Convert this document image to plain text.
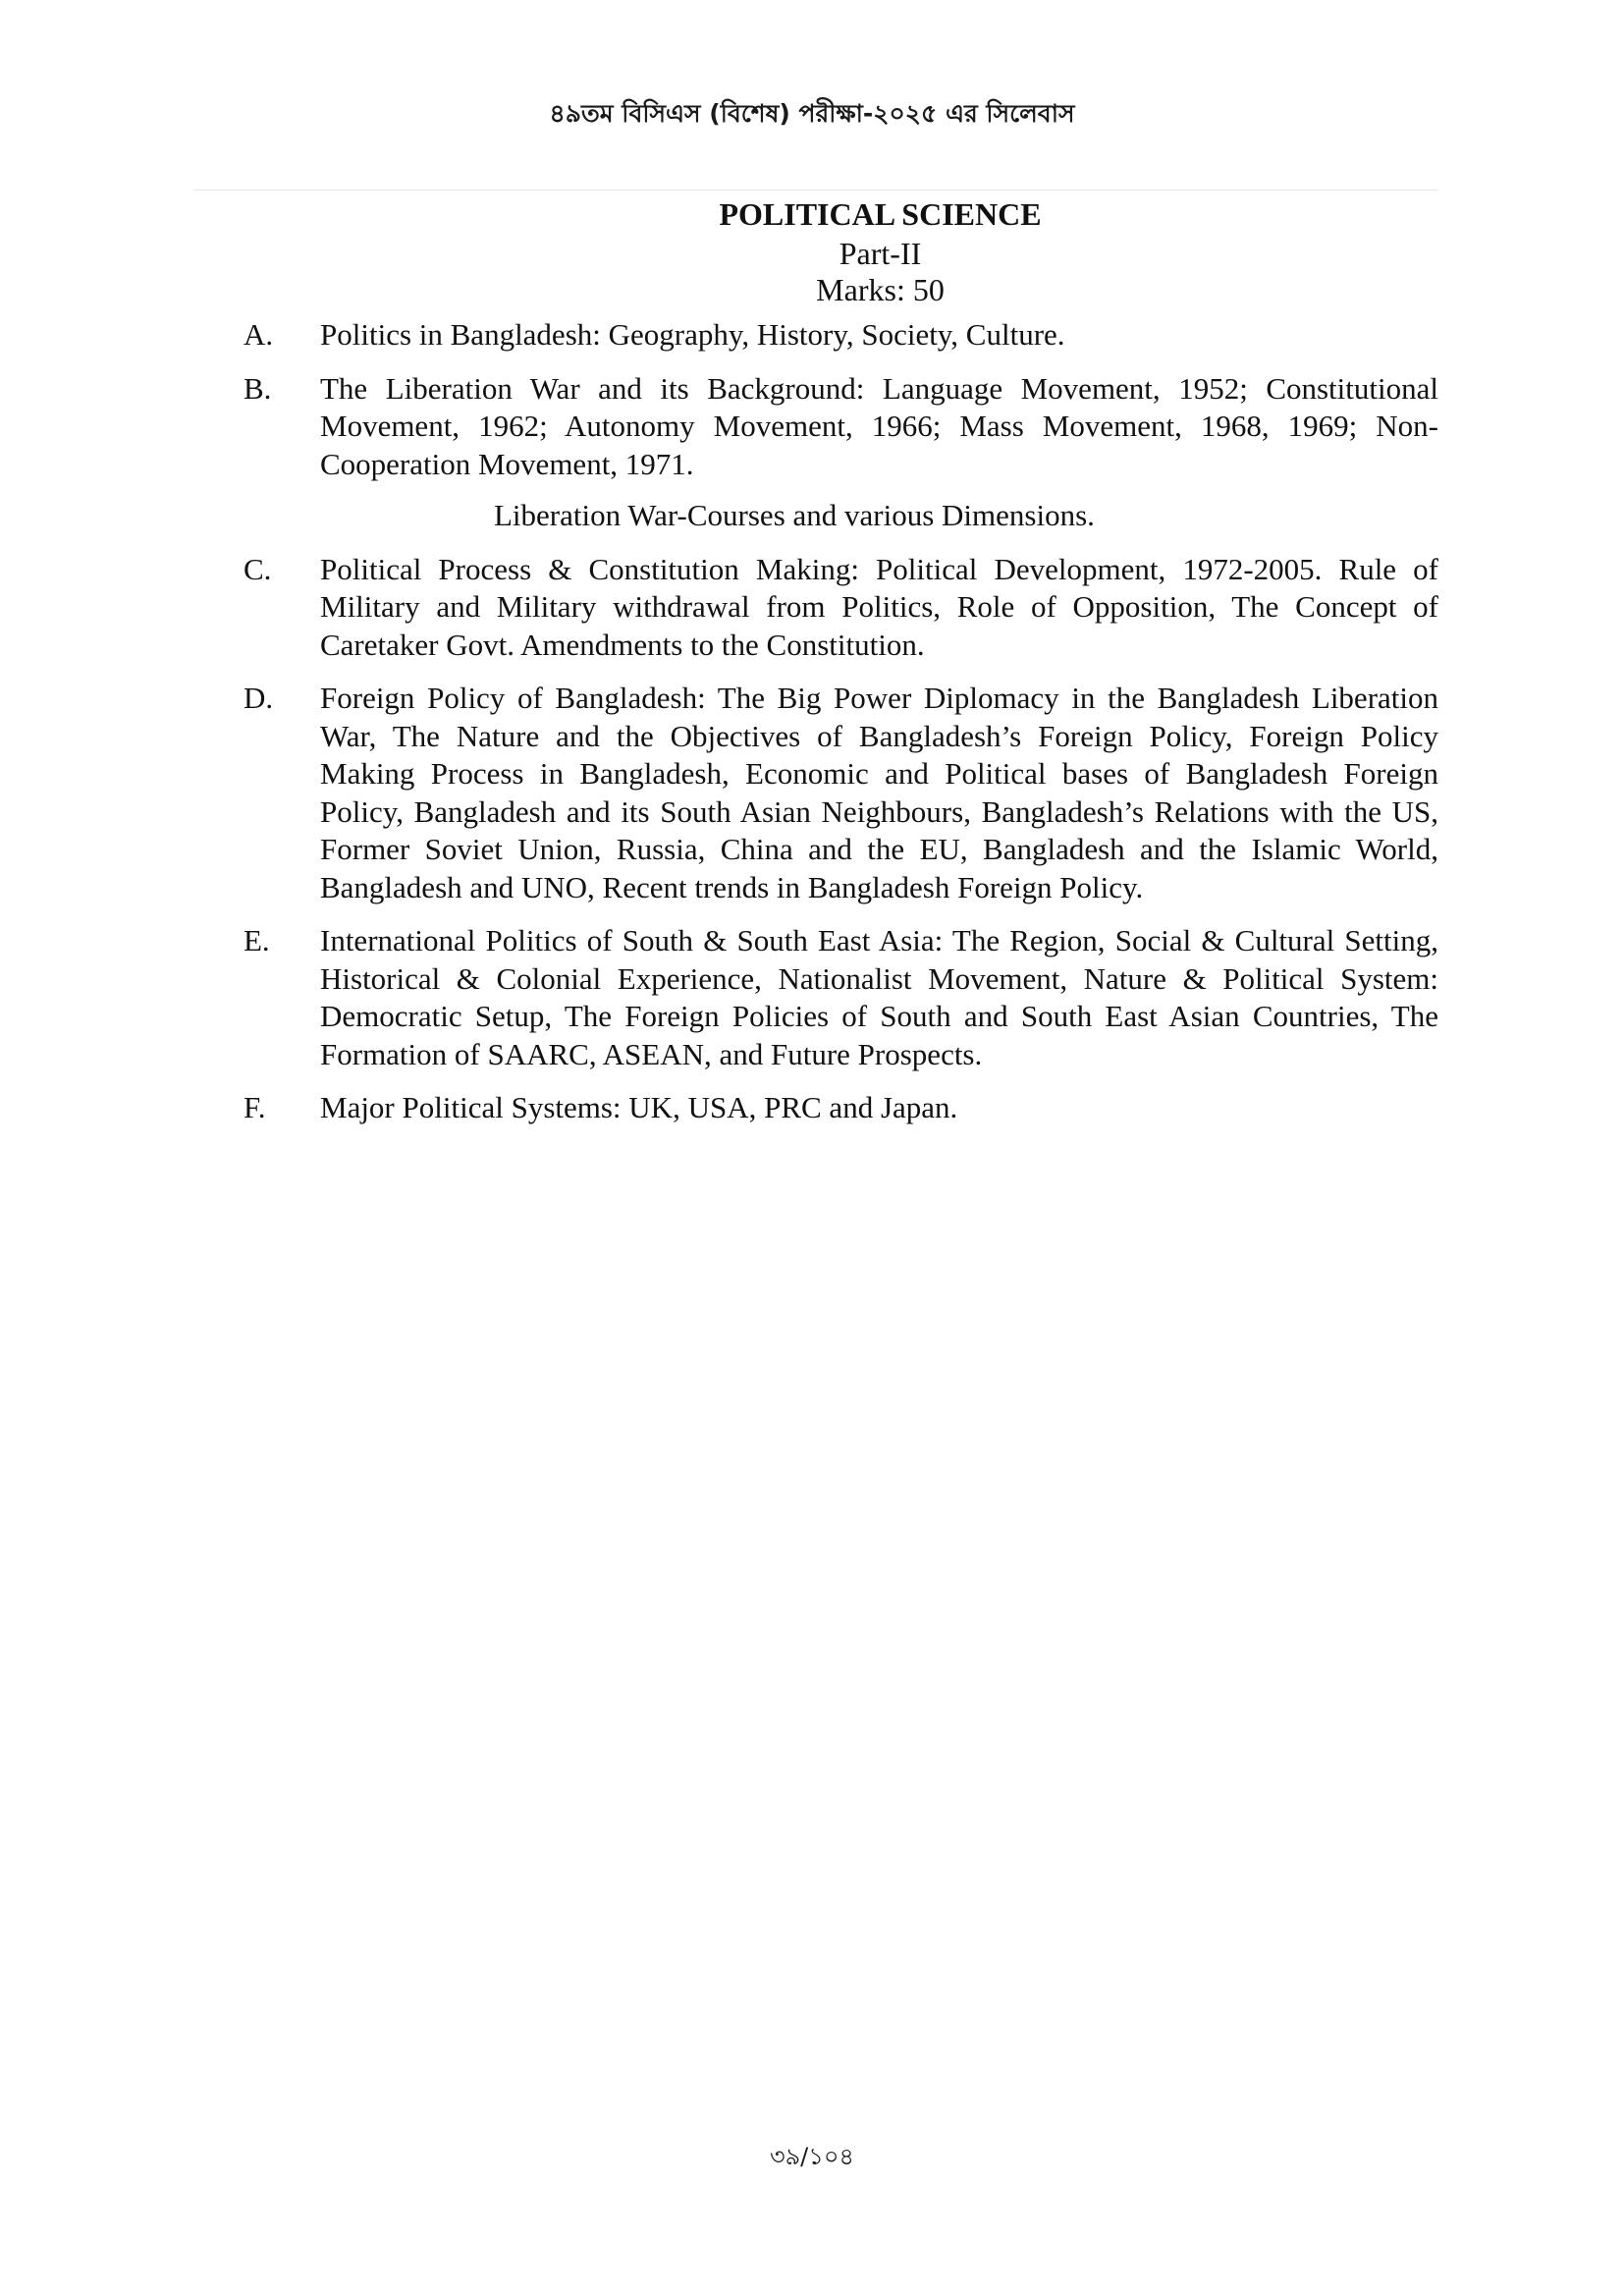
৪৯তম বিসিএস (বিশেষ) পরীক্ষা-২০২৫ এর সিলেবাস
POLITICAL SCIENCE
Part-II
Marks: 50
A.	Politics in Bangladesh: Geography, History, Society, Culture.
B.	The Liberation War and its Background: Language Movement, 1952; Constitutional Movement, 1962; Autonomy Movement, 1966; Mass Movement, 1968, 1969; Non-Cooperation Movement, 1971.
Liberation War-Courses and various Dimensions.
C.	Political Process & Constitution Making: Political Development, 1972-2005. Rule of Military and Military withdrawal from Politics, Role of Opposition, The Concept of Caretaker Govt. Amendments to the Constitution.
D.	Foreign Policy of Bangladesh: The Big Power Diplomacy in the Bangladesh Liberation War, The Nature and the Objectives of Bangladesh’s Foreign Policy, Foreign Policy Making Process in Bangladesh, Economic and Political bases of Bangladesh Foreign Policy, Bangladesh and its South Asian Neighbours, Bangladesh’s Relations with the US, Former Soviet Union, Russia, China and the EU, Bangladesh and the Islamic World, Bangladesh and UNO, Recent trends in Bangladesh Foreign Policy.
E.	International Politics of South & South East Asia: The Region, Social & Cultural Setting, Historical & Colonial Experience, Nationalist Movement, Nature & Political System: Democratic Setup, The Foreign Policies of South and South East Asian Countries, The Formation of SAARC, ASEAN, and Future Prospects.
F.	Major Political Systems: UK, USA, PRC and Japan.
৩৯/১০৪
